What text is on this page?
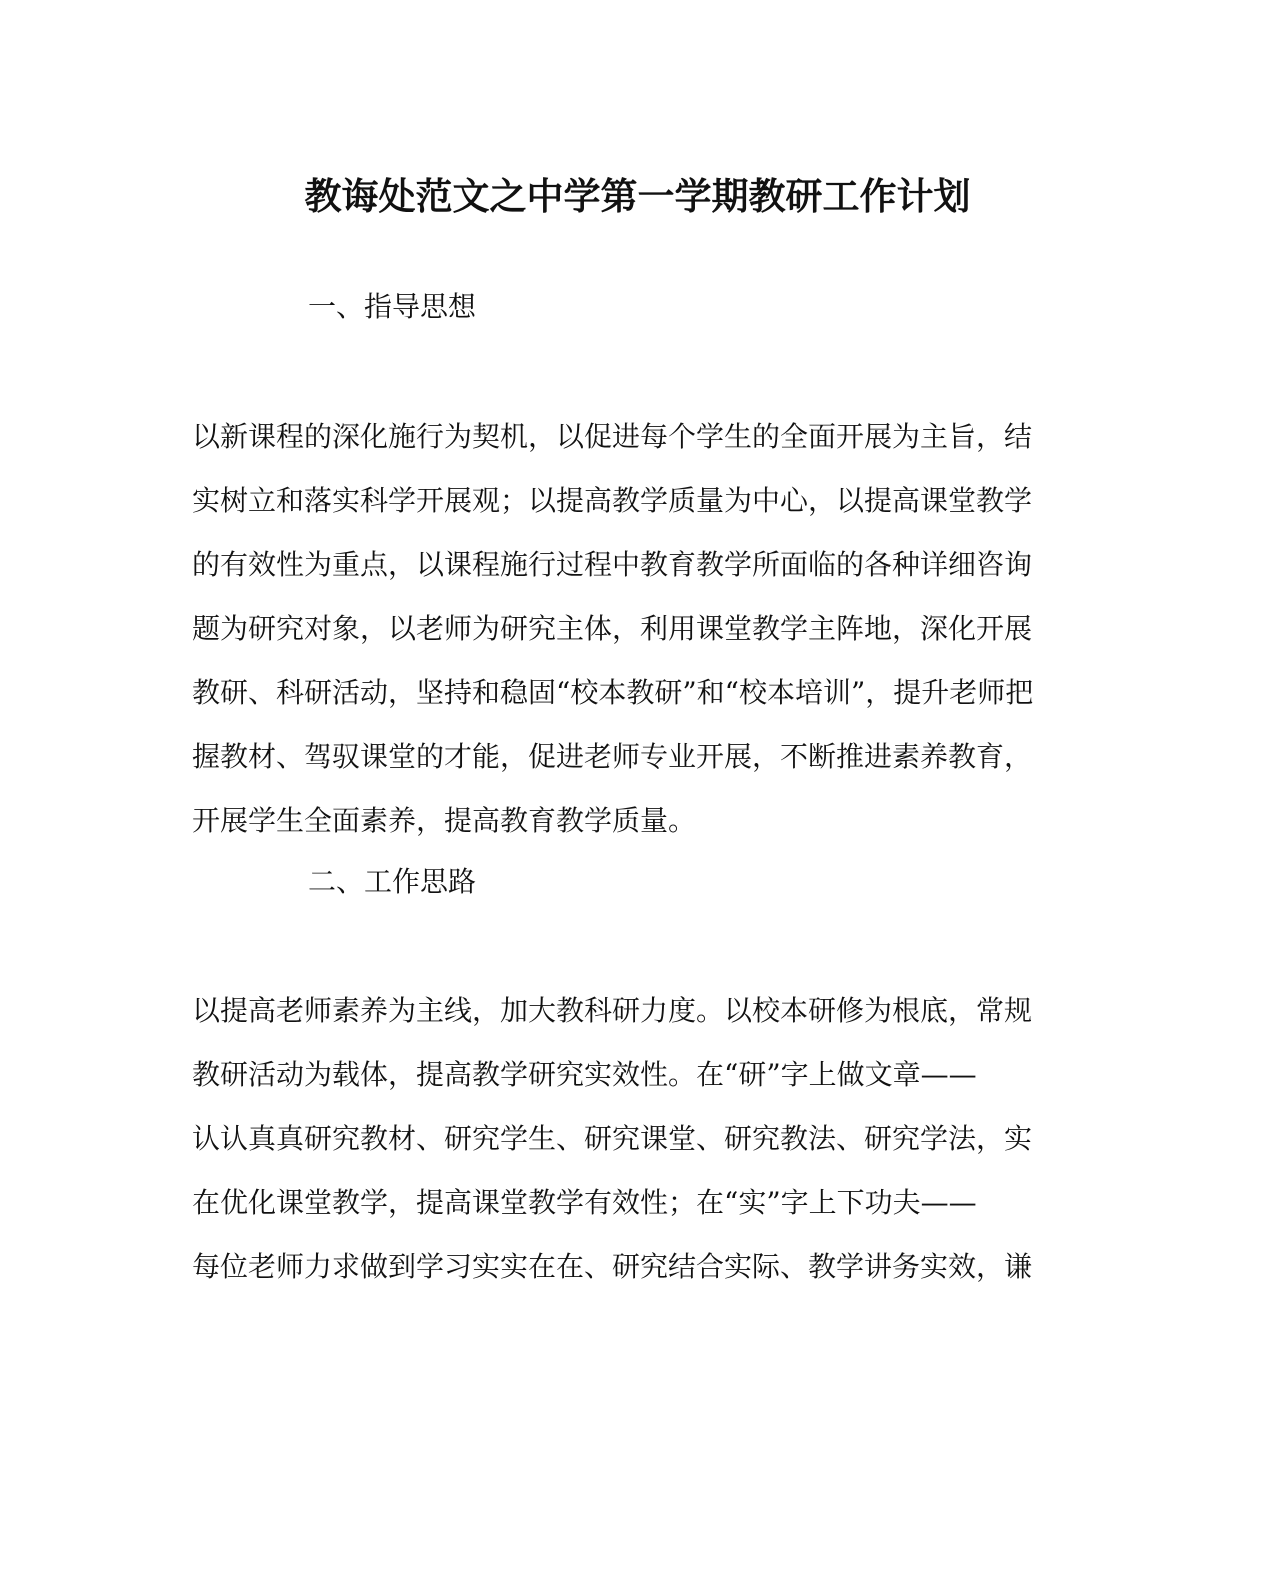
教诲处范文之中学第一学期教研工作计划
一、指导思想
以新课程的深化施行为契机，以促进每个学生的全面开展为主旨，结
实树立和落实科学开展观；以提高教学质量为中心，以提高课堂教学
的有效性为重点，以课程施行过程中教育教学所面临的各种详细咨询
题为研究对象，以老师为研究主体，利用课堂教学主阵地，深化开展
教研、科研活动，坚持和稳固“校本教研”和“校本培训”，提升老师把
握教材、驾驭课堂的才能，促进老师专业开展，不断推进素养教育，
开展学生全面素养，提高教育教学质量。
二、工作思路
以提高老师素养为主线，加大教科研力度。以校本研修为根底，常规
教研活动为载体，提高教学研究实效性。在“研”字上做文章——
认认真真研究教材、研究学生、研究课堂、研究教法、研究学法，实
在优化课堂教学，提高课堂教学有效性；在“实”字上下功夫——
每位老师力求做到学习实实在在、研究结合实际、教学讲务实效，谦
